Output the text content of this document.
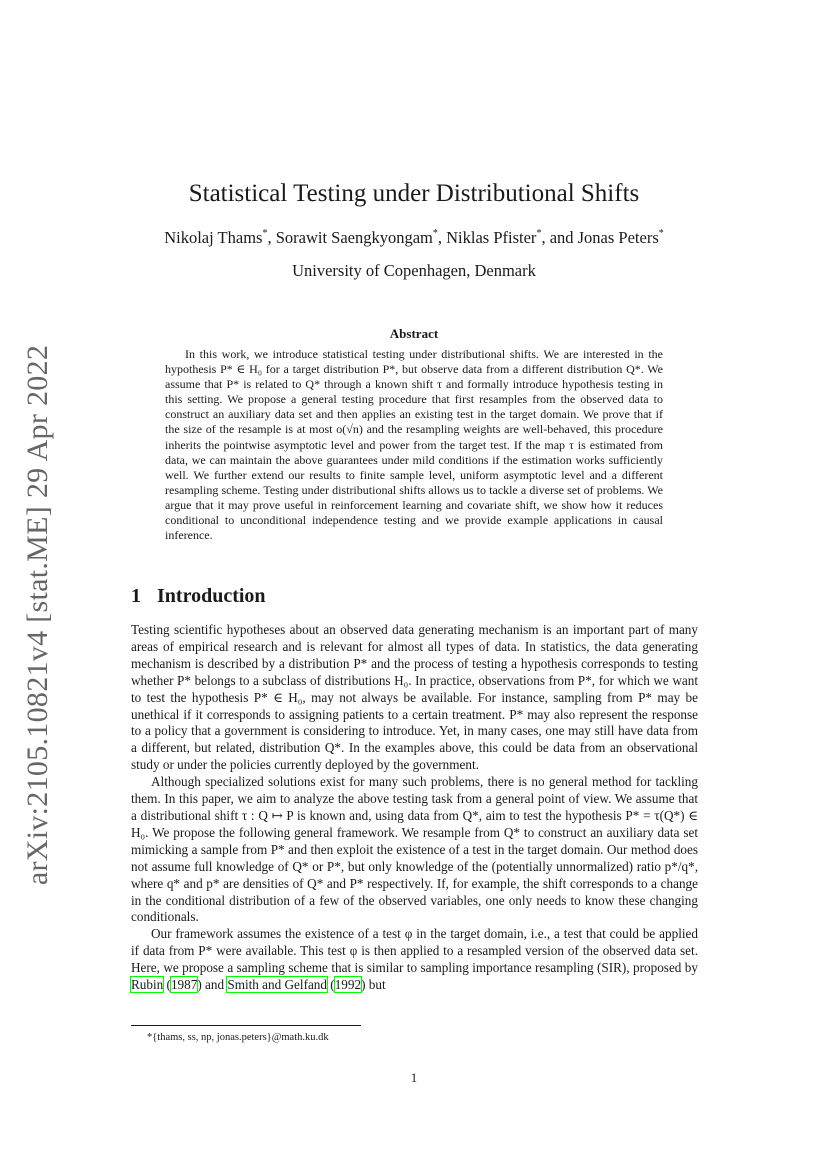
arXiv:2105.10821v4 [stat.ME] 29 Apr 2022
Statistical Testing under Distributional Shifts
Nikolaj Thams*, Sorawit Saengkyongam*, Niklas Pfister*, and Jonas Peters*
University of Copenhagen, Denmark
Abstract

In this work, we introduce statistical testing under distributional shifts. We are interested in the hypothesis P* ∈ H₀ for a target distribution P*, but observe data from a different distribution Q*. We assume that P* is related to Q* through a known shift τ and formally introduce hypothesis testing in this setting. We propose a general testing procedure that first resamples from the observed data to construct an auxiliary data set and then applies an existing test in the target domain. We prove that if the size of the resample is at most o(√n) and the resampling weights are well-behaved, this procedure inherits the pointwise asymptotic level and power from the target test. If the map τ is estimated from data, we can maintain the above guarantees under mild conditions if the estimation works sufficiently well. We further extend our results to finite sample level, uniform asymptotic level and a different resampling scheme. Testing under distributional shifts allows us to tackle a diverse set of problems. We argue that it may prove useful in reinforcement learning and covariate shift, we show how it reduces conditional to unconditional independence testing and we provide example applications in causal inference.

1 Introduction

Testing scientific hypotheses about an observed data generating mechanism is an important part of many areas of empirical research and is relevant for almost all types of data. In statistics, the data generating mechanism is described by a distribution P* and the process of testing a hypothesis corresponds to testing whether P* belongs to a subclass of distributions H₀. In practice, observations from P*, for which we want to test the hypothesis P* ∈ H₀, may not always be available. For instance, sampling from P* may be unethical if it corresponds to assigning patients to a certain treatment. P* may also represent the response to a policy that a government is considering to introduce. Yet, in many cases, one may still have data from a different, but related, distribution Q*. In the examples above, this could be data from an observational study or under the policies currently deployed by the government.

Although specialized solutions exist for many such problems, there is no general method for tackling them. In this paper, we aim to analyze the above testing task from a general point of view. We assume that a distributional shift τ : Q ↦ P is known and, using data from Q*, aim to test the hypothesis P* = τ(Q*) ∈ H₀. We propose the following general framework. We resample from Q* to construct an auxiliary data set mimicking a sample from P* and then exploit the existence of a test in the target domain. Our method does not assume full knowledge of Q* or P*, but only knowledge of the (potentially unnormalized) ratio p*/q*, where q* and p* are densities of Q* and P* respectively. If, for example, the shift corresponds to a change in the conditional distribution of a few of the observed variables, one only needs to know these changing conditionals.

Our framework assumes the existence of a test φ in the target domain, i.e., a test that could be applied if data from P* were available. This test φ is then applied to a resampled version of the observed data set. Here, we propose a sampling scheme that is similar to sampling importance resampling (SIR), proposed by Rubin (1987) and Smith and Gelfand (1992) but

*{thams, ss, np, jonas.peters}@math.ku.dk
1
